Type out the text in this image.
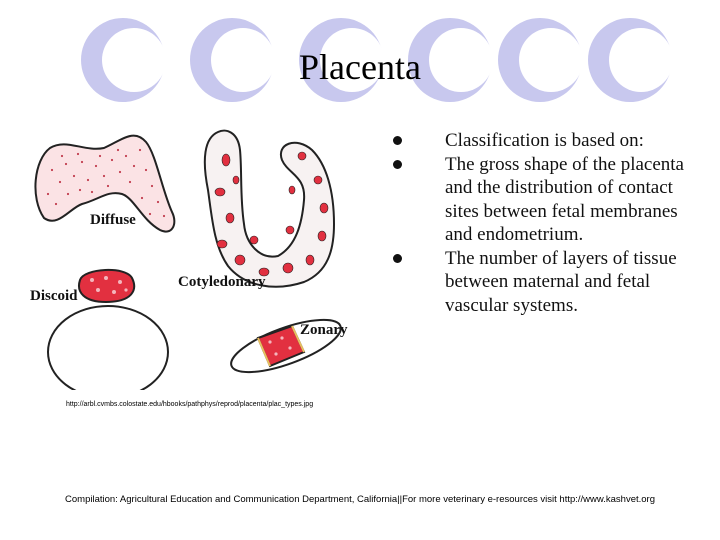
Placenta
Diffuse
Discoid
Cotyledonary
Zonary
http://arbl.cvmbs.colostate.edu/hbooks/pathphys/reprod/placenta/plac_types.jpg
Classification is based on:
The gross shape of the placenta and the distribution of contact sites between fetal membranes and endometrium.
The number of layers of tissue between maternal and fetal vascular systems.
Compilation: Agricultural Education and Communication Department, California||For more veterinary e-resources visit http://www.kashvet.org
